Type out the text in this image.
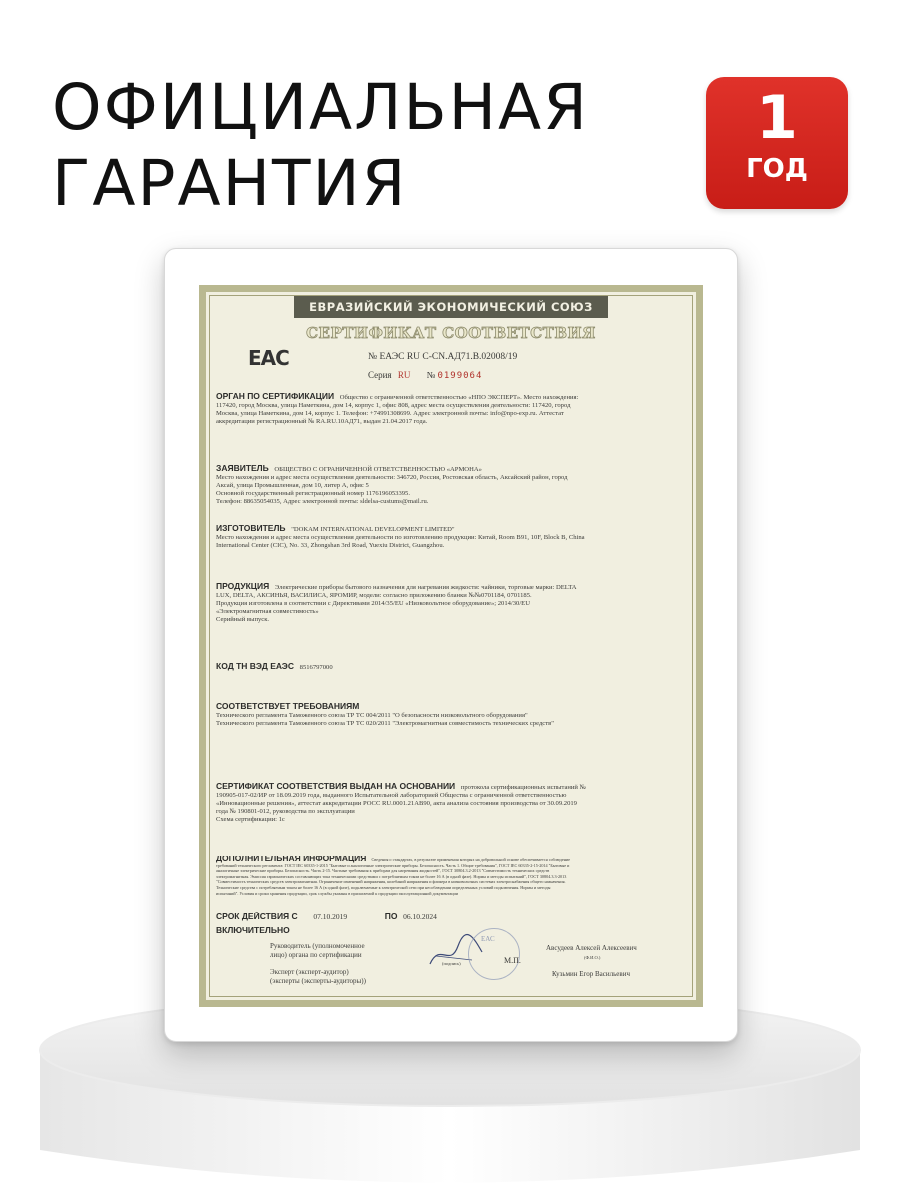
ОФИЦИАЛЬНАЯ
ГАРАНТИЯ
1
ГОД
ЕВРАЗИЙСКИЙ ЭКОНОМИЧЕСКИЙ СОЮЗ
СЕРТИФИКАТ СООТВЕТСТВИЯ
EAC	№ ЕАЭС RU C-CN.АД71.В.02008/19
Серия RU № 0199064
ОРГАН ПО СЕРТИФИКАЦИИ Общество с ограниченной ответственностью «НПО ЭКСПЕРТ». Место нахождения:
117420, город Москва, улица Наметкина, дом 14, корпус 1, офис 808, адрес места осуществления деятельности: 117420, город
Москва, улица Наметкина, дом 14, корпус 1. Телефон: +74991308699. Адрес электронной почты: info@npo-exp.ru. Аттестат
аккредитации регистрационный № RA.RU.10АД71, выдан 21.04.2017 года.
ЗАЯВИТЕЛЬ ОБЩЕСТВО С ОГРАНИЧЕННОЙ ОТВЕТСТВЕННОСТЬЮ «АРМОНА»
Место нахождения и адрес места осуществления деятельности: 346720, Россия, Ростовская область, Аксайский район, город
Аксай, улица Промышленная, дом 10, литер А, офис 5
Основной государственный регистрационный номер 1176196053395.
Телефон: 88635054035, Адрес электронной почты: sldelsa-custums@mail.ru.
ИЗГОТОВИТЕЛЬ "DOKAM INTERNATIONAL DEVELOPMENT LIMITED"
Место нахождения и адрес места осуществления деятельности по изготовлению продукции: Китай, Room B91, 10F, Block B, China
International Center (CIC), No. 33, Zhongshan 3rd Road, Yuexiu District, Guangzhou.
ПРОДУКЦИЯ Электрические приборы бытового назначения для нагревания жидкости: чайники, торговые марки: DELTA
LUX, DELTA, АКСИНЬЯ, ВАСИЛИСА, ЯРОМИР, модели: согласно приложению бланки №№0701184, 0701185.
Продукция изготовлена в соответствии с Директивами 2014/35/EU «Низковольтное оборудование»; 2014/30/EU
«Электромагнитная совместимость»
Серийный выпуск.
КОД ТН ВЭД ЕАЭС 8516797000
СООТВЕТСТВУЕТ ТРЕБОВАНИЯМ
Технического регламента Таможенного союза ТР ТС 004/2011 "О безопасности низковольтного оборудования"
Технического регламента Таможенного союза ТР ТС 020/2011 "Электромагнитная совместимость технических средств"
СЕРТИФИКАТ СООТВЕТСТВИЯ ВЫДАН НА ОСНОВАНИИ протокола сертификационных испытаний №
190905-017-02/ИР от 18.09.2019 года, выданного Испытательной лабораторией Общества с ограниченной ответственностью
«Инновационные решения», аттестат аккредитации РОСС RU.0001.21АВ90, акта анализа состояния производства от 30.09.2019
года № 190801-012, руководства по эксплуатации
Схема сертификации: 1с
ДОПОЛНИТЕЛЬНАЯ ИНФОРМАЦИЯ Сведения о стандартах, в результате применения которых на добровольной основе обеспечивается соблюдение
требований технического регламента: ГОСТ IEC 60335-1-2015 "Бытовые и аналогичные электрические приборы. Безопасность. Часть 1. Общие требования", ГОСТ IEC 60335-2-15-2014 "Бытовые и
аналогичные электрические приборы. Безопасность. Часть 2-15. Частные требования к приборам для нагревания жидкостей", ГОСТ 30804.3.2-2013 "Совместимость технических средств
электромагнитная. Эмиссия гармонических составляющих тока техническими средствами с потребляемым током не более 16 А (в одной фазе). Нормы и методы испытаний", ГОСТ 30804.3.3-2013
"Совместимость технических средств электромагнитная. Ограничение изменений напряжения, колебаний напряжения и фликера в низковольтных системах электроснабжения общего назначения.
Технические средства с потребляемым током не более 16 А (в одной фазе), подключаемые к электрической сети при несоблюдении определенных условий подключения. Нормы и методы
испытаний". Условия и сроки хранения продукции, срок службы указаны в прилагаемой к продукции эксплуатационной документации
СРОК ДЕЙСТВИЯ С 07.10.2019	ПО 06.10.2024
ВКЛЮЧИТЕЛЬНО
ЕАС
Руководитель (уполномоченное
лицо) органа по сертификации
(подпись)	М.П.
Авсудеев Алексей Алексеевич
(Ф.И.О.)
Эксперт (эксперт-аудитор)
(эксперты (эксперты-аудиторы))
Кузьмин Егор Васильевич
